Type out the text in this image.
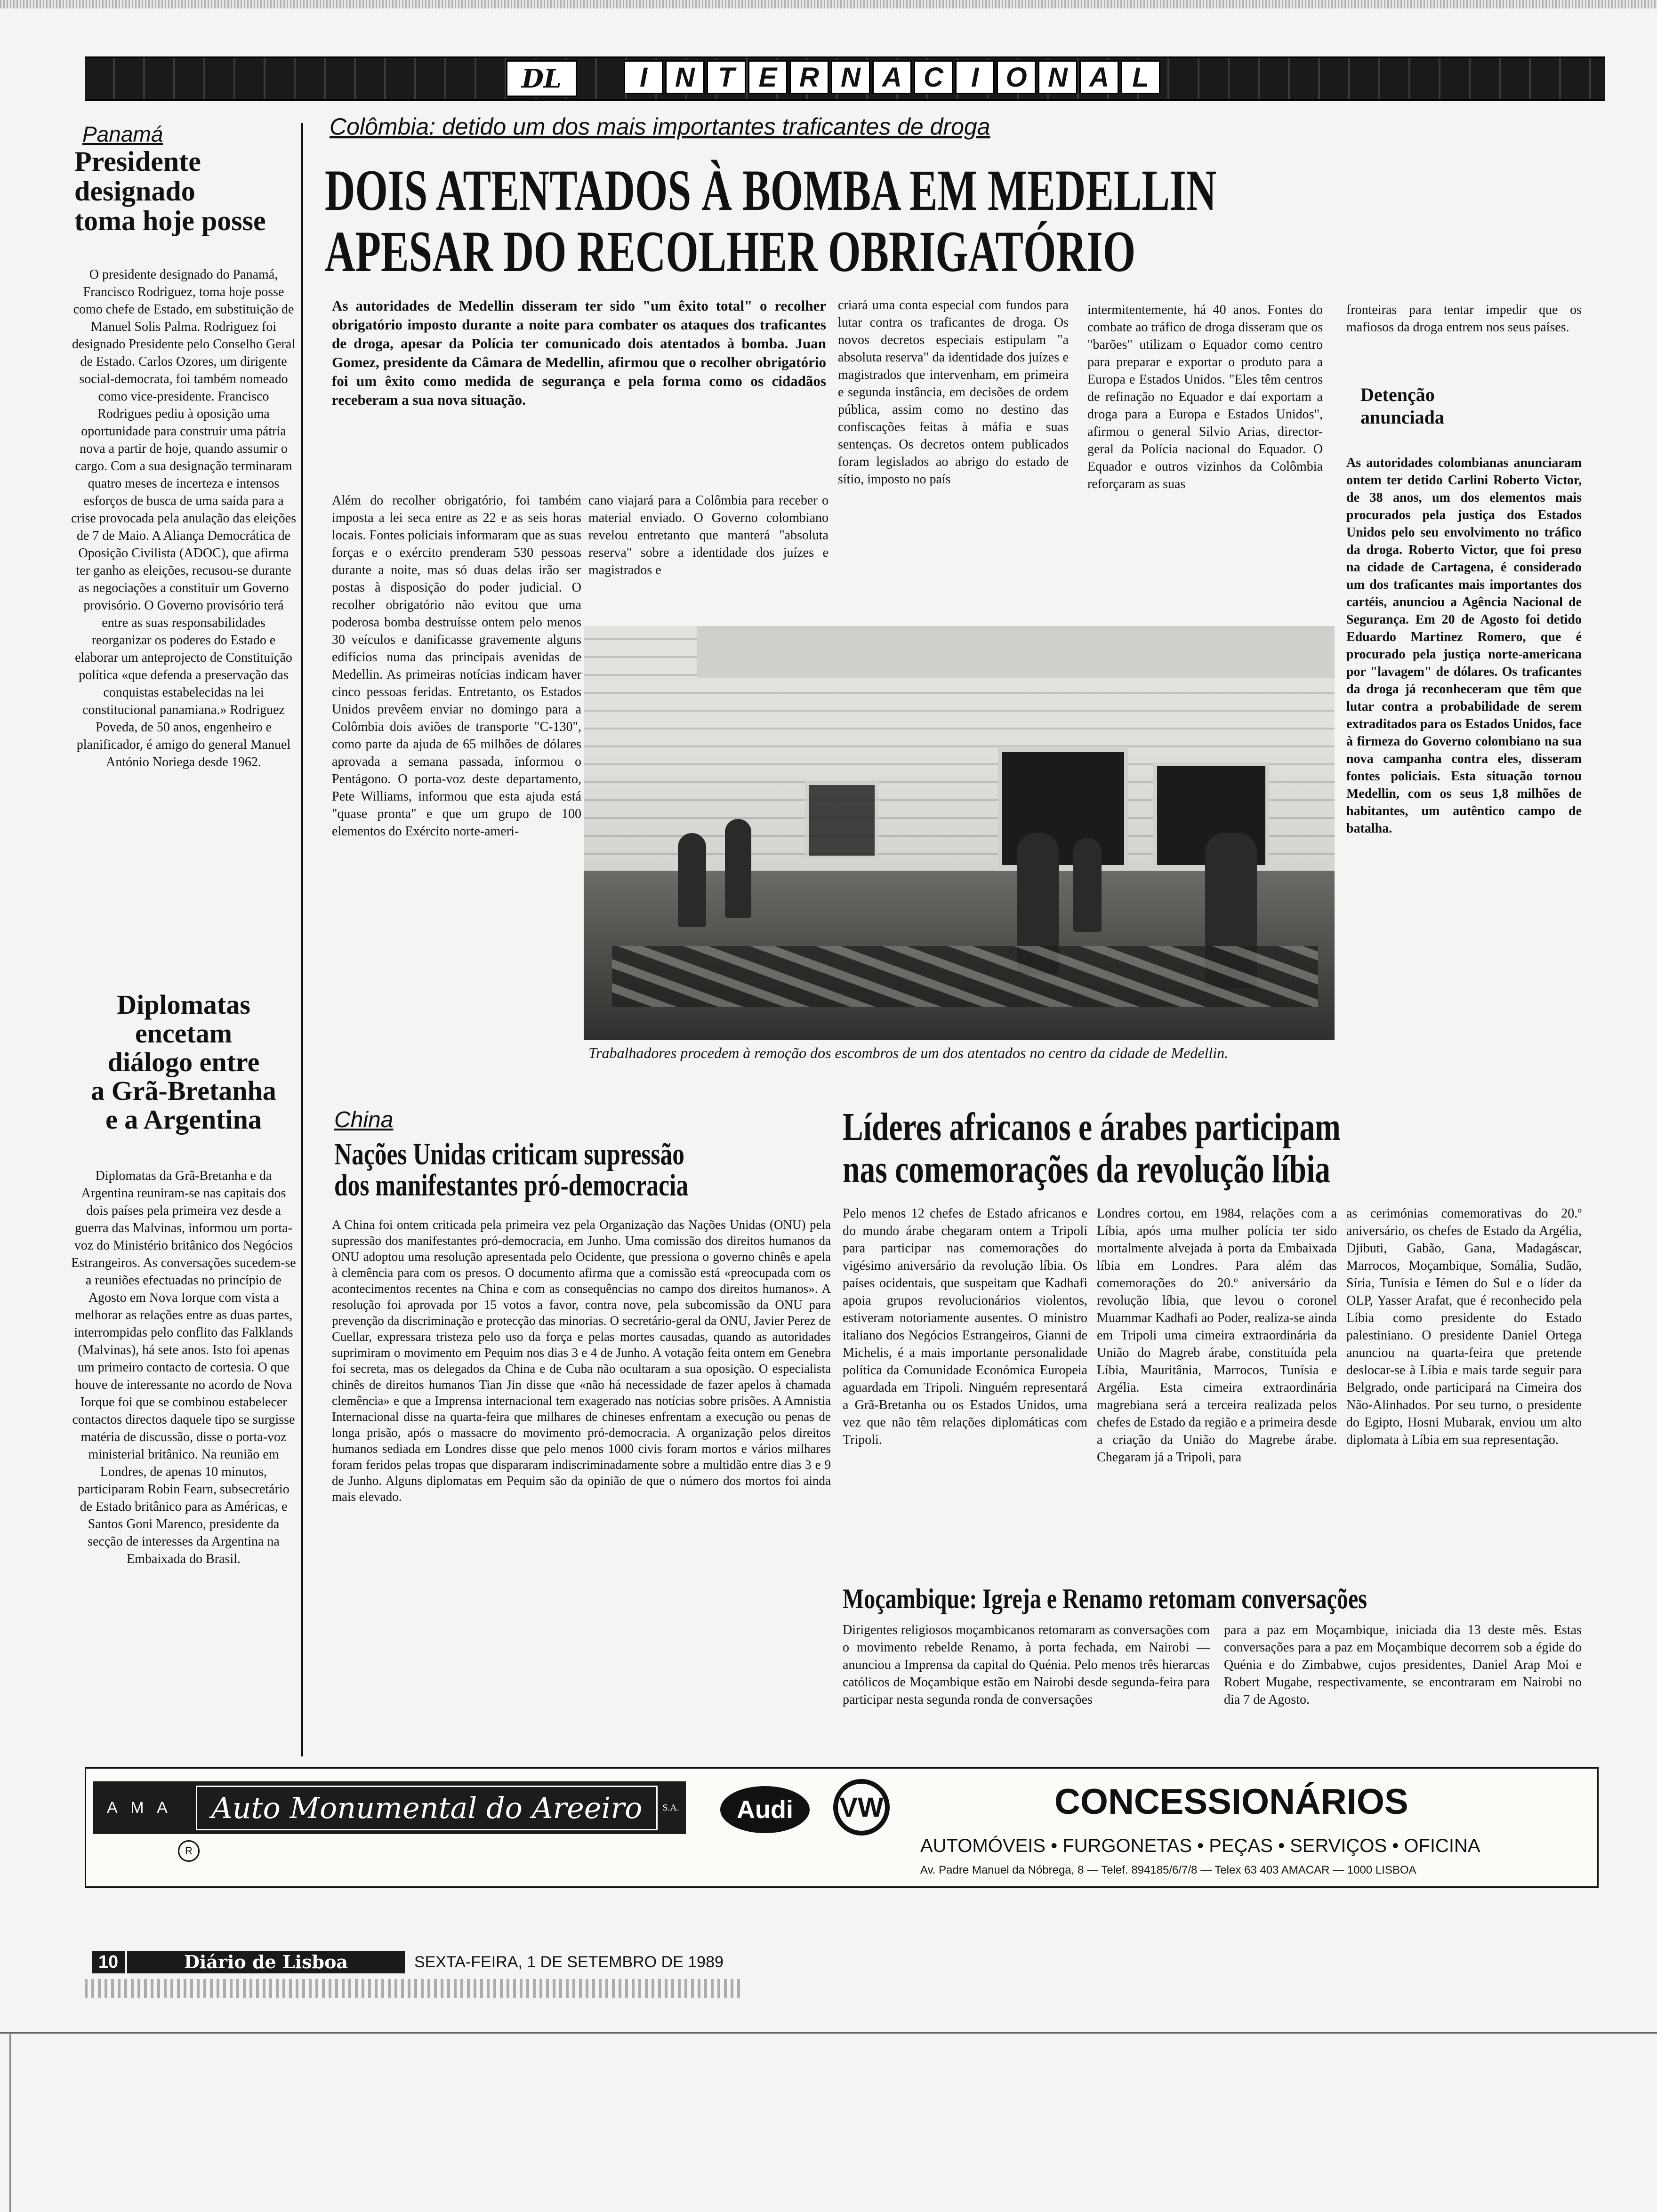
DL	I	N T E R N A C	I O N A L
Panamá
Presidente
designado
toma hoje posse
O presidente designado do Panamá, Francisco Rodriguez, toma hoje posse como chefe de Estado, em substituição de Manuel Solis Palma. Rodriguez foi designado Presidente pelo Conselho Geral de Estado. Carlos Ozores, um dirigente social-democrata, foi também nomeado como vice-presidente. Francisco Rodrigues pediu à oposição uma oportunidade para construir uma pátria nova a partir de hoje, quando assumir o cargo. Com a sua designação terminaram quatro meses de incerteza e intensos esforços de busca de uma saída para a crise provocada pela anulação das eleições de 7 de Maio. A Aliança Democrática de Oposição Civilista (ADOC), que afirma ter ganho as eleições, recusou-se durante as negociações a constituir um Governo provisório. O Governo provisório terá entre as suas responsabilidades reorganizar os poderes do Estado e elaborar um anteprojecto de Constituição política «que defenda a preservação das conquistas estabelecidas na lei constitucional panamiana.» Rodriguez Poveda, de 50 anos, engenheiro e planificador, é amigo do general Manuel António Noriega desde 1962.
Diplomatas
encetam
diálogo entre
a Grã-Bretanha
e a Argentina
Diplomatas da Grã-Bretanha e da Argentina reuniram-se nas capitais dos dois países pela primeira vez desde a guerra das Malvinas, informou um porta-voz do Ministério britânico dos Negócios Estrangeiros. As conversações sucedem-se a reuniões efectuadas no princípio de Agosto em Nova Iorque com vista a melhorar as relações entre as duas partes, interrompidas pelo conflito das Falklands (Malvinas), há sete anos. Isto foi apenas um primeiro contacto de cortesia. O que houve de interessante no acordo de Nova Iorque foi que se combinou estabelecer contactos directos daquele tipo se surgisse matéria de discussão, disse o porta-voz ministerial britânico. Na reunião em Londres, de apenas 10 minutos, participaram Robin Fearn, subsecretário de Estado britânico para as Américas, e Santos Goni Marenco, presidente da secção de interesses da Argentina na Embaixada do Brasil.
Colômbia: detido um dos mais importantes traficantes de droga
DOIS ATENTADOS À BOMBA EM MEDELLIN
APESAR DO RECOLHER OBRIGATÓRIO
As autoridades de Medellin disseram ter sido "um êxito total" o recolher obrigatório imposto durante a noite para combater os ataques dos traficantes de droga, apesar da Polícia ter comunicado dois atentados à bomba. Juan Gomez, presidente da Câmara de Medellin, afirmou que o recolher obrigatório foi um êxito como medida de segurança e pela forma como os cidadãos receberam a sua nova situação.
Além do recolher obrigatório, foi também imposta a lei seca entre as 22 e as seis horas locais. Fontes policiais informaram que as suas forças e o exército prenderam 530 pessoas durante a noite, mas só duas delas irão ser postas à disposição do poder judicial. O recolher obrigatório não evitou que uma poderosa bomba destruísse ontem pelo menos 30 veículos e danificasse gravemente alguns edifícios numa das principais avenidas de Medellin. As primeiras notícias indicam haver cinco pessoas feridas. Entretanto, os Estados Unidos prevêem enviar no domingo para a Colômbia dois aviões de transporte "C-130", como parte da ajuda de 65 milhões de dólares aprovada a semana passada, informou o Pentágono. O porta-voz deste departamento, Pete Williams, informou que esta ajuda está "quase pronta" e que um grupo de 100 elementos do Exército norte-ameri-
cano viajará para a Colômbia para receber o material enviado. O Governo colombiano revelou entretanto que manterá "absoluta reserva" sobre a identidade dos juízes e magistrados e
criará uma conta especial com fundos para lutar contra os traficantes de droga. Os novos decretos especiais estipulam "a absoluta reserva" da identidade dos juízes e magistrados que intervenham, em primeira e segunda instância, em decisões de ordem pública, assim como no destino das confiscações feitas à máfia e suas sentenças. Os decretos ontem publicados foram legislados ao abrigo do estado de sítio, imposto no país
intermitentemente, há 40 anos. Fontes do combate ao tráfico de droga disseram que os "barões" utilizam o Equador como centro para preparar e exportar o produto para a Europa e Estados Unidos. "Eles têm centros de refinação no Equador e daí exportam a droga para a Europa e Estados Unidos", afirmou o general Silvio Arias, director-geral da Polícia nacional do Equador. O Equador e outros vizinhos da Colômbia reforçaram as suas
fronteiras para tentar impedir que os mafiosos da droga entrem nos seus países.
Detenção
anunciada
As autoridades colombianas anunciaram ontem ter detido Carlini Roberto Victor, de 38 anos, um dos elementos mais procurados pela justiça dos Estados Unidos pelo seu envolvimento no tráfico da droga. Roberto Victor, que foi preso na cidade de Cartagena, é considerado um dos traficantes mais importantes dos cartéis, anunciou a Agência Nacional de Segurança. Em 20 de Agosto foi detido Eduardo Martinez Romero, que é procurado pela justiça norte-americana por "lavagem" de dólares. Os traficantes da droga já reconheceram que têm que lutar contra a probabilidade de serem extraditados para os Estados Unidos, face à firmeza do Governo colombiano na sua nova campanha contra eles, disseram fontes policiais. Esta situação tornou Medellin, com os seus 1,8 milhões de habitantes, um autêntico campo de batalha.
Trabalhadores procedem à remoção dos escombros de um dos atentados no centro da cidade de Medellin.
China
Nações Unidas criticam supressão
dos manifestantes pró-democracia
A China foi ontem criticada pela primeira vez pela Organização das Nações Unidas (ONU) pela supressão dos manifestantes pró-democracia, em Junho. Uma comissão dos direitos humanos da ONU adoptou uma resolução apresentada pelo Ocidente, que pressiona o governo chinês e apela à clemência para com os presos. O documento afirma que a comissão está «preocupada com os acontecimentos recentes na China e com as consequências no campo dos direitos humanos». A resolução foi aprovada por 15 votos a favor, contra nove, pela subcomissão da ONU para prevenção da discriminação e protecção das minorias. O secretário-geral da ONU, Javier Perez de Cuellar, expressara tristeza pelo uso da força e pelas mortes causadas, quando as autoridades suprimiram o movimento em Pequim nos dias 3 e 4 de Junho. A votação feita ontem em Genebra foi secreta, mas os delegados da China e de Cuba não ocultaram a sua oposição. O especialista chinês de direitos humanos Tian Jin disse que «não há necessidade de fazer apelos à chamada clemência» e que a Imprensa internacional tem exagerado nas notícias sobre prisões. A Amnistia Internacional disse na quarta-feira que milhares de chineses enfrentam a execução ou penas de longa prisão, após o massacre do movimento pró-democracia. A organização pelos direitos humanos sediada em Londres disse que pelo menos 1000 civis foram mortos e vários milhares foram feridos pelas tropas que dispararam indiscriminadamente sobre a multidão entre dias 3 e 9 de Junho. Alguns diplomatas em Pequim são da opinião de que o número dos mortos foi ainda mais elevado.
Líderes africanos e árabes participam
nas comemorações da revolução líbia
Pelo menos 12 chefes de Estado africanos e do mundo árabe chegaram ontem a Tripoli para participar nas comemorações do vigésimo aniversário da revolução líbia. Os países ocidentais, que suspeitam que Kadhafi apoia grupos revolucionários violentos, estiveram notoriamente ausentes. O ministro italiano dos Negócios Estrangeiros, Gianni de Michelis, é a mais importante personalidade política da Comunidade Económica Europeia aguardada em Tripoli. Ninguém representará a Grã-Bretanha ou os Estados Unidos, uma vez que não têm relações diplomáticas com Tripoli.
Londres cortou, em 1984, relações com a Líbia, após uma mulher polícia ter sido mortalmente alvejada à porta da Embaixada líbia em Londres. Para além das comemorações do 20.º aniversário da revolução líbia, que levou o coronel Muammar Kadhafi ao Poder, realiza-se ainda em Tripoli uma cimeira extraordinária da União do Magreb árabe, constituída pela Líbia, Mauritânia, Marrocos, Tunísia e Argélia. Esta cimeira extraordinária magrebiana será a terceira realizada pelos chefes de Estado da região e a primeira desde a criação da União do Magrebe árabe. Chegaram já a Tripoli, para
as cerimónias comemorativas do 20.º aniversário, os chefes de Estado da Argélia, Djibuti, Gabão, Gana, Madagáscar, Marrocos, Moçambique, Somália, Sudão, Síria, Tunísia e Iémen do Sul e o líder da OLP, Yasser Arafat, que é reconhecido pela Líbia como presidente do Estado palestiniano. O presidente Daniel Ortega anunciou na quarta-feira que pretende deslocar-se à Líbia e mais tarde seguir para Belgrado, onde participará na Cimeira dos Não-Alinhados. Por seu turno, o presidente do Egipto, Hosni Mubarak, enviou um alto diplomata à Líbia em sua representação.
Moçambique: Igreja e Renamo retomam conversações
Dirigentes religiosos moçambicanos retomaram as conversações com o movimento rebelde Renamo, à porta fechada, em Nairobi — anunciou a Imprensa da capital do Quénia. Pelo menos três hierarcas católicos de Moçambique estão em Nairobi desde segunda-feira para participar nesta segunda ronda de conversações
para a paz em Moçambique, iniciada dia 13 deste mês. Estas conversações para a paz em Moçambique decorrem sob a égide do Quénia e do Zimbabwe, cujos presidentes, Daniel Arap Moi e Robert Mugabe, respectivamente, se encontraram em Nairobi no dia 7 de Agosto.
A M A	Auto Monumental do Areeiro	S.A.
R
Audi	VW	CONCESSIONÁRIOS
AUTOMÓVEIS • FURGONETAS • PEÇAS • SERVIÇOS • OFICINA
Av. Padre Manuel da Nóbrega, 8 — Telef. 894185/6/7/8 — Telex 63 403 AMACAR — 1000 LISBOA
10	Diário de Lisboa	SEXTA-FEIRA, 1 DE SETEMBRO DE 1989
